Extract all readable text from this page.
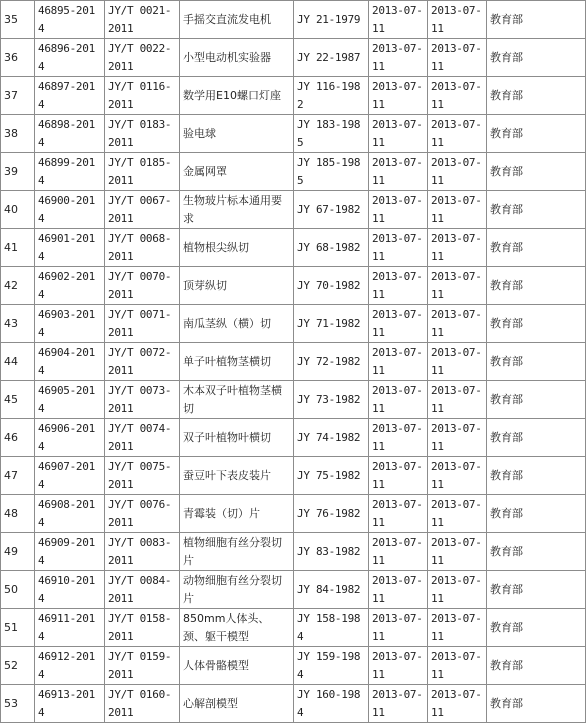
35	46895-2014	JY/T 0021-2011	手摇交直流发电机	JY 21-1979	2013-07-11	2013-07-11	教育部
36	46896-2014	JY/T 0022-2011	小型电动机实验器	JY 22-1987	2013-07-11	2013-07-11	教育部
37	46897-2014	JY/T 0116-2011	数学用E10螺口灯座	JY 116-1982	2013-07-11	2013-07-11	教育部
38	46898-2014	JY/T 0183-2011	验电球	JY 183-1985	2013-07-11	2013-07-11	教育部
39	46899-2014	JY/T 0185-2011	金属网罩	JY 185-1985	2013-07-11	2013-07-11	教育部
40	46900-2014	JY/T 0067-2011	生物玻片标本通用要求	JY 67-1982	2013-07-11	2013-07-11	教育部
41	46901-2014	JY/T 0068-2011	植物根尖纵切	JY 68-1982	2013-07-11	2013-07-11	教育部
42	46902-2014	JY/T 0070-2011	顶芽纵切	JY 70-1982	2013-07-11	2013-07-11	教育部
43	46903-2014	JY/T 0071-2011	南瓜茎纵（横）切	JY 71-1982	2013-07-11	2013-07-11	教育部
44	46904-2014	JY/T 0072-2011	单子叶植物茎横切	JY 72-1982	2013-07-11	2013-07-11	教育部
45	46905-2014	JY/T 0073-2011	木本双子叶植物茎横切	JY 73-1982	2013-07-11	2013-07-11	教育部
46	46906-2014	JY/T 0074-2011	双子叶植物叶横切	JY 74-1982	2013-07-11	2013-07-11	教育部
47	46907-2014	JY/T 0075-2011	蚕豆叶下表皮装片	JY 75-1982	2013-07-11	2013-07-11	教育部
48	46908-2014	JY/T 0076-2011	青霉装（切）片	JY 76-1982	2013-07-11	2013-07-11	教育部
49	46909-2014	JY/T 0083-2011	植物细胞有丝分裂切片	JY 83-1982	2013-07-11	2013-07-11	教育部
50	46910-2014	JY/T 0084-2011	动物细胞有丝分裂切片	JY 84-1982	2013-07-11	2013-07-11	教育部
51	46911-2014	JY/T 0158-2011	850mm人体头、颈、躯干模型	JY 158-1984	2013-07-11	2013-07-11	教育部
52	46912-2014	JY/T 0159-2011	人体骨骼模型	JY 159-1984	2013-07-11	2013-07-11	教育部
53	46913-2014	JY/T 0160-2011	心解剖模型	JY 160-1984	2013-07-11	2013-07-11	教育部
